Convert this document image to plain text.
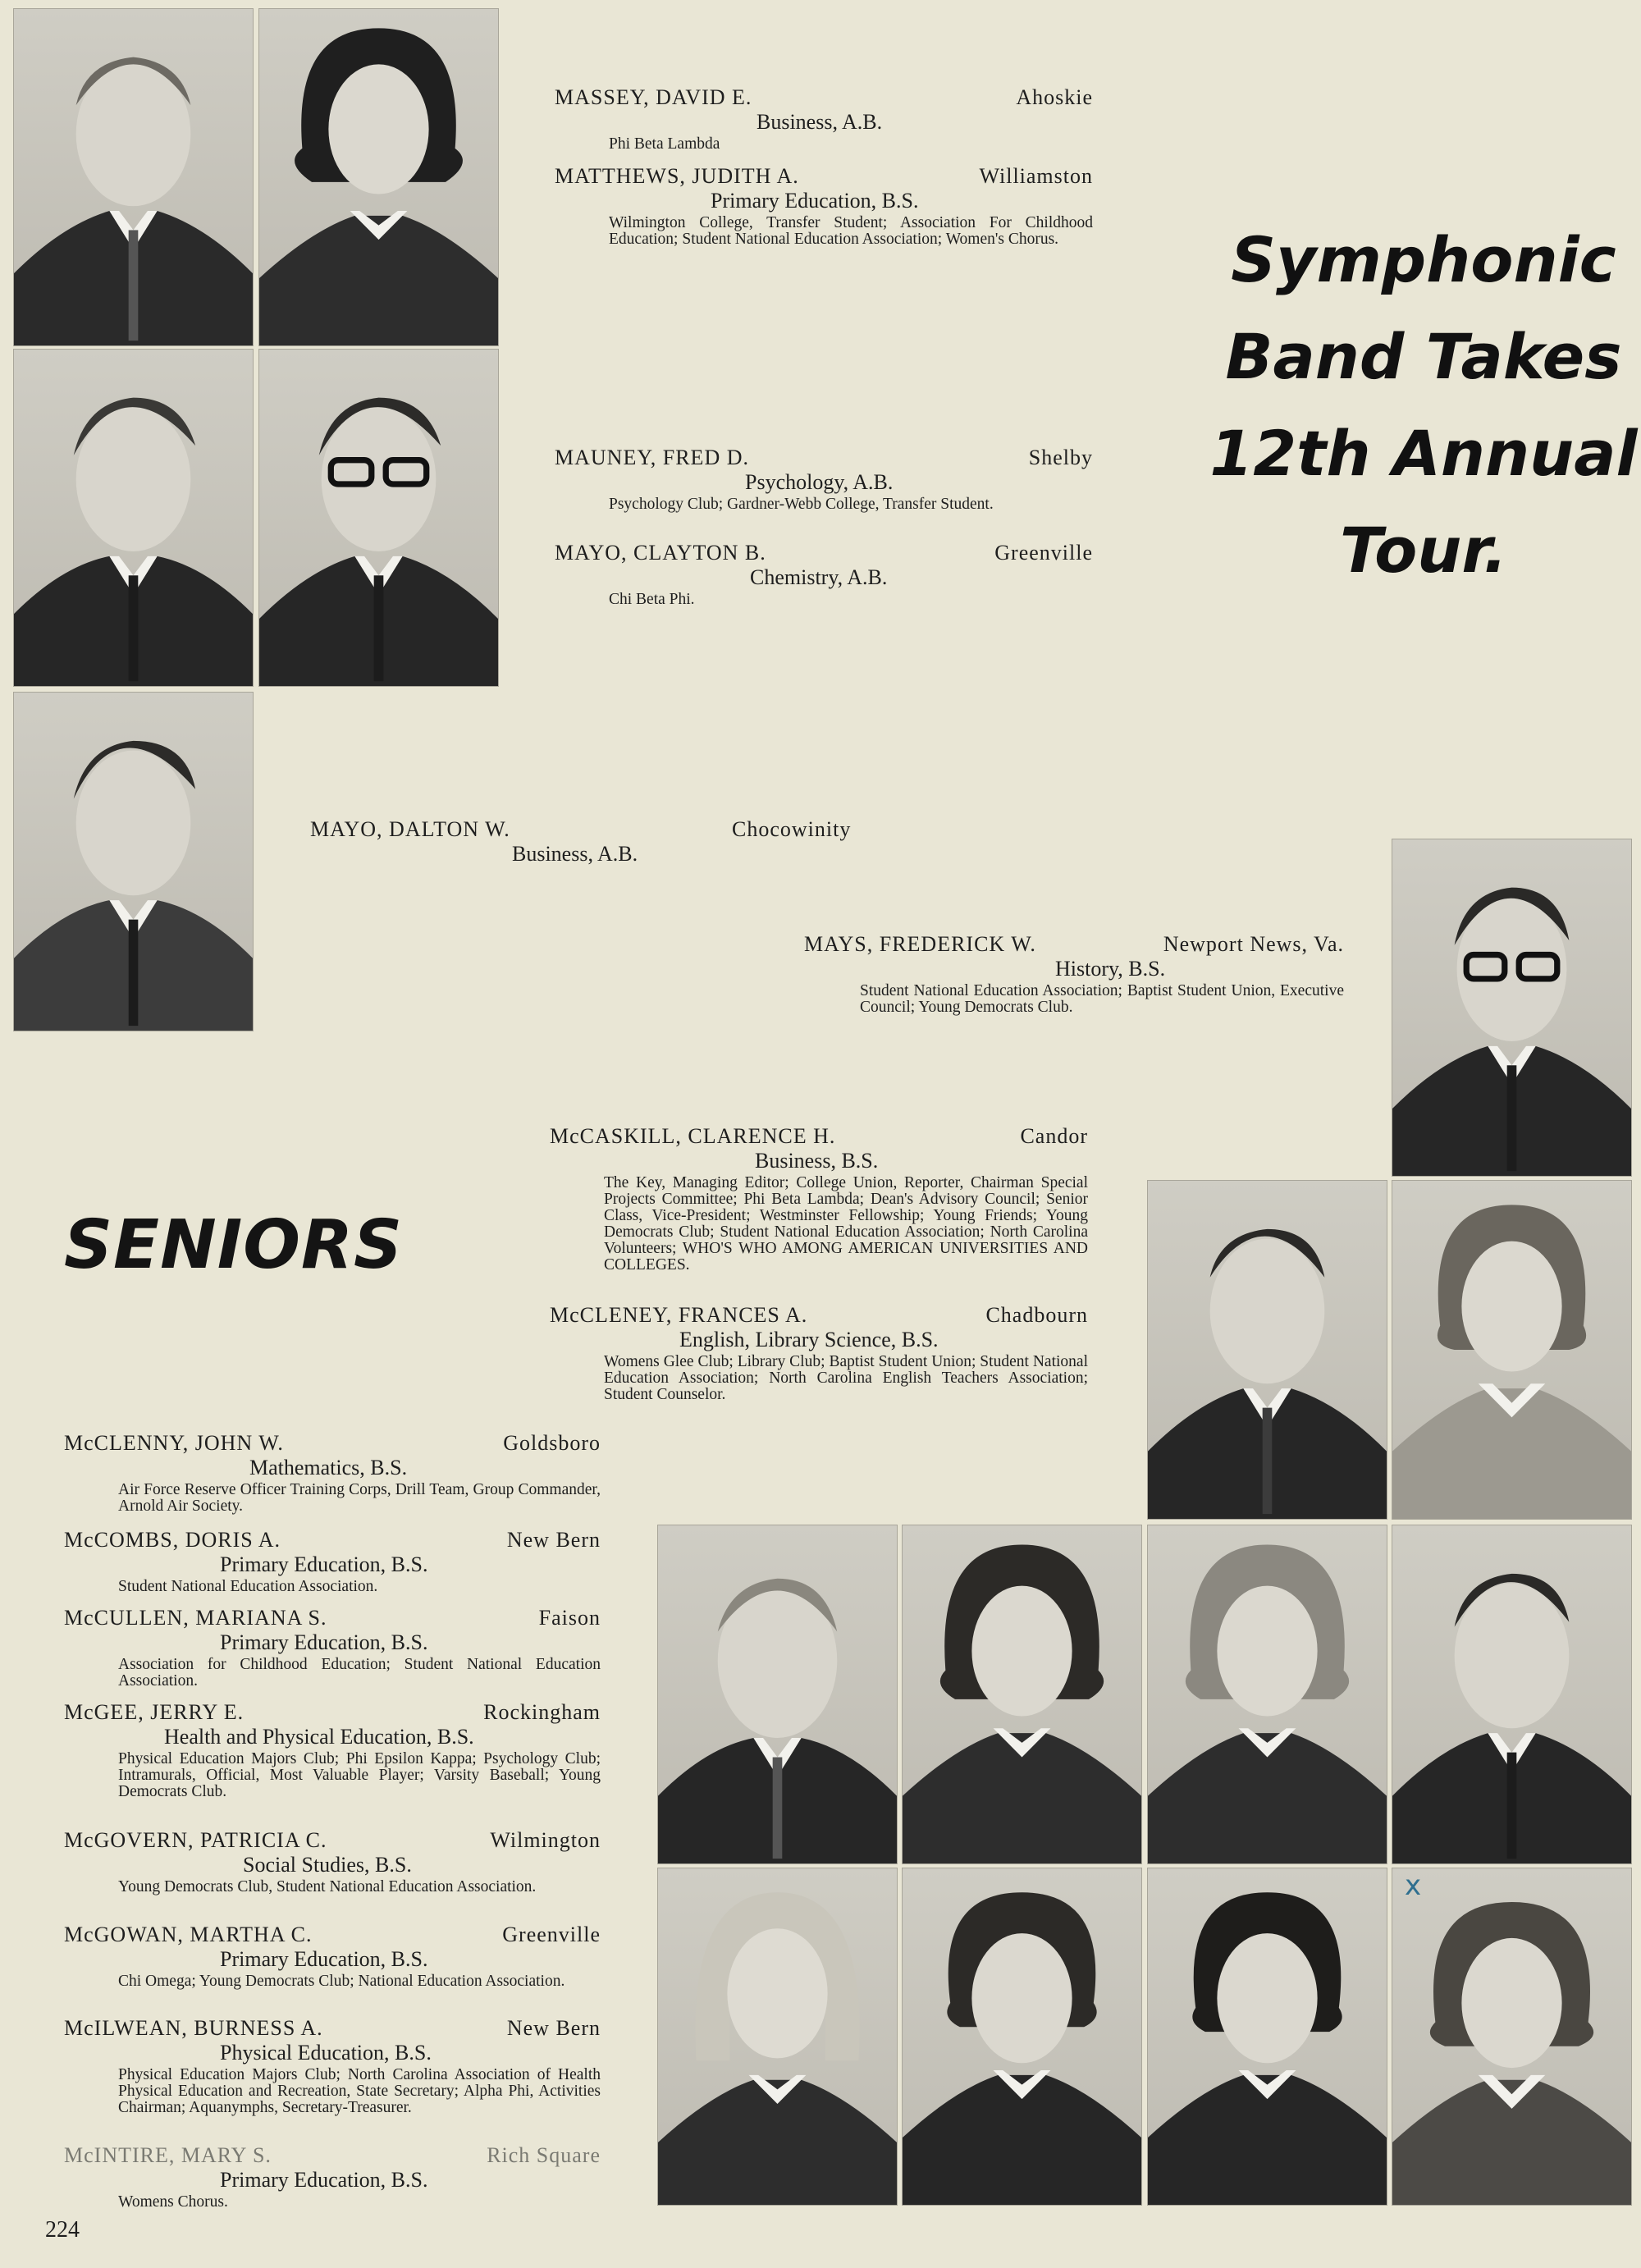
x
Symphonic
Band Takes
12th Annual
Tour.
SENIORS
MASSEY, DAVID E.	Ahoskie
Business, A.B.
Phi Beta Lambda
MATTHEWS, JUDITH A.	Williamston
Primary Education, B.S.
Wilmington College, Transfer Student; Association For Childhood Education; Student National Education Association; Women's Chorus.
MAUNEY, FRED D.	Shelby
Psychology, A.B.
Psychology Club; Gardner-Webb College, Transfer Student.
MAYO, CLAYTON B.	Greenville
Chemistry, A.B.
Chi Beta Phi.
MAYO, DALTON W.	Chocowinity
Business, A.B.
MAYS, FREDERICK W.	Newport News, Va.
History, B.S.
Student National Education Association; Baptist Student Union, Executive Council; Young Democrats Club.
McCASKILL, CLARENCE H.	Candor
Business, B.S.
The Key, Managing Editor; College Union, Reporter, Chairman Special Projects Committee; Phi Beta Lambda; Dean's Advisory Council; Senior Class, Vice-President; Westminster Fellowship; Young Friends; Young Democrats Club; Student National Education Association; North Carolina Volunteers; WHO'S WHO AMONG AMERICAN UNIVERSITIES AND COLLEGES.
McCLENEY, FRANCES A.	Chadbourn
English, Library Science, B.S.
Womens Glee Club; Library Club; Baptist Student Union; Student National Education Association; North Carolina English Teachers Association; Student Counselor.
McCLENNY, JOHN W.	Goldsboro
Mathematics, B.S.
Air Force Reserve Officer Training Corps, Drill Team, Group Commander, Arnold Air Society.
McCOMBS, DORIS A.	New Bern
Primary Education, B.S.
Student National Education Association.
McCULLEN, MARIANA S.	Faison
Primary Education, B.S.
Association for Childhood Education; Student National Education Association.
McGEE, JERRY E.	Rockingham
Health and Physical Education, B.S.
Physical Education Majors Club; Phi Epsilon Kappa; Psychology Club; Intramurals, Official, Most Valuable Player; Varsity Baseball; Young Democrats Club.
McGOVERN, PATRICIA C.	Wilmington
Social Studies, B.S.
Young Democrats Club, Student National Education Association.
McGOWAN, MARTHA C.	Greenville
Primary Education, B.S.
Chi Omega; Young Democrats Club; National Education Association.
McILWEAN, BURNESS A.	New Bern
Physical Education, B.S.
Physical Education Majors Club; North Carolina Association of Health Physical Education and Recreation, State Secretary; Alpha Phi, Activities Chairman; Aquanymphs, Secretary-Treasurer.
McINTIRE, MARY S.	Rich Square
Primary Education, B.S.
Womens Chorus.
224
